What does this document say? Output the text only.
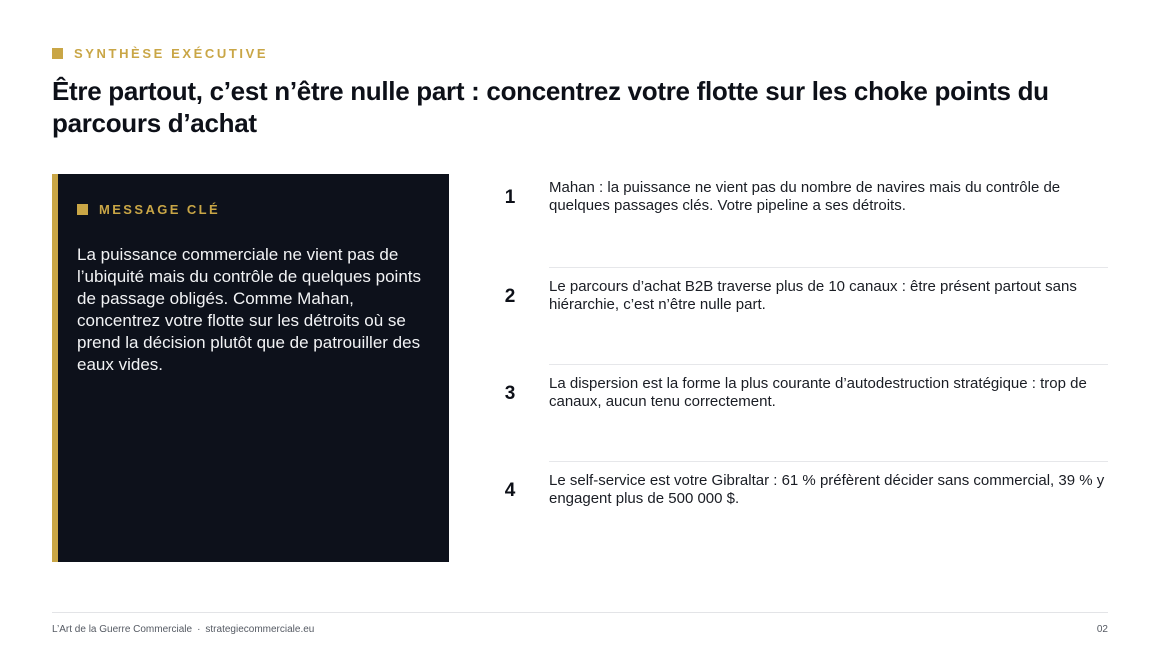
SYNTHÈSE EXÉCUTIVE
Être partout, c’est n’être nulle part : concentrez votre flotte sur les choke points du parcours d’achat
MESSAGE CLÉ

La puissance commerciale ne vient pas de l’ubiquité mais du contrôle de quelques points de passage obligés. Comme Mahan, concentrez votre flotte sur les détroits où se prend la décision plutôt que de patrouiller des eaux vides.

1	Mahan : la puissance ne vient pas du nombre de navires mais du contrôle de quelques passages clés. Votre pipeline a ses détroits.

2	Le parcours d’achat B2B traverse plus de 10 canaux : être présent partout sans hiérarchie, c’est n’être nulle part.

3	La dispersion est la forme la plus courante d’autodestruction stratégique : trop de canaux, aucun tenu correctement.

4	Le self-service est votre Gibraltar : 61 % préfèrent décider sans commercial, 39 % y engagent plus de 500 000 $.

L’Art de la Guerre Commerciale · strategiecommerciale.eu	02
